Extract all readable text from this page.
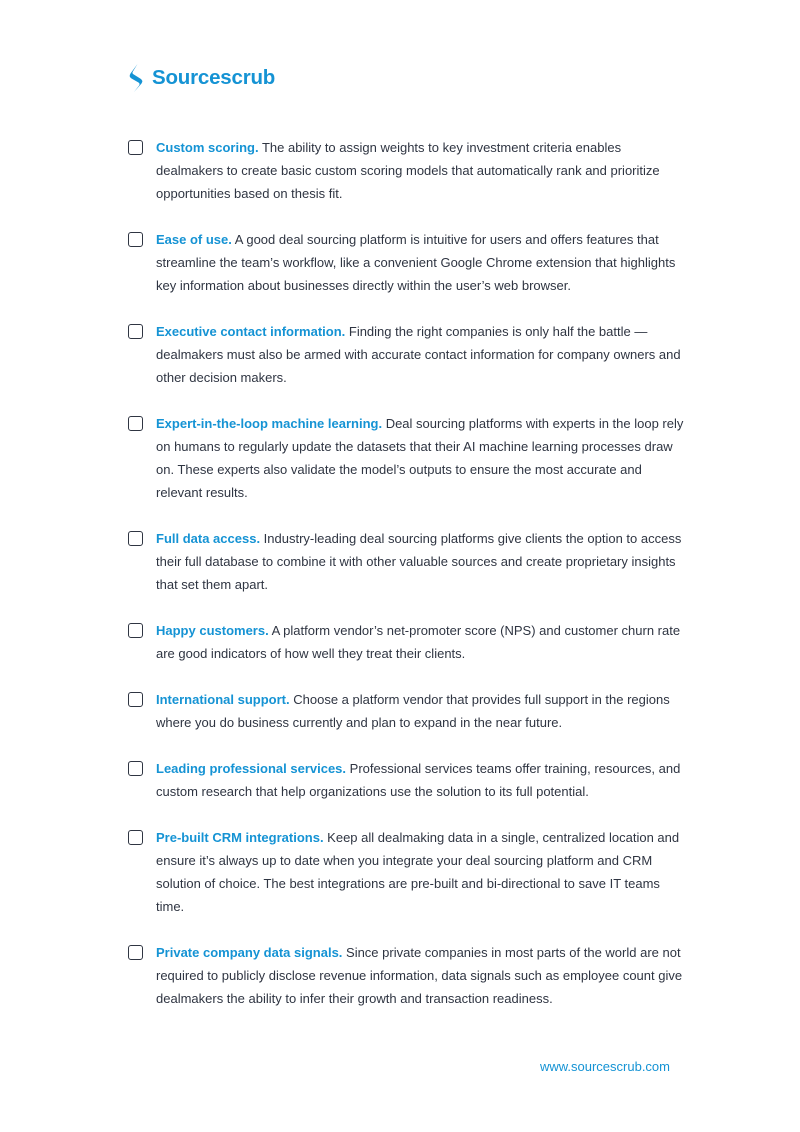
Sourcescrub
Custom scoring. The ability to assign weights to key investment criteria enables dealmakers to create basic custom scoring models that automatically rank and prioritize opportunities based on thesis fit.
Ease of use. A good deal sourcing platform is intuitive for users and offers features that streamline the team’s workflow, like a convenient Google Chrome extension that highlights key information about businesses directly within the user’s web browser.
Executive contact information. Finding the right companies is only half the battle — dealmakers must also be armed with accurate contact information for company owners and other decision makers.
Expert-in-the-loop machine learning. Deal sourcing platforms with experts in the loop rely on humans to regularly update the datasets that their AI machine learning processes draw on. These experts also validate the model’s outputs to ensure the most accurate and relevant results.
Full data access. Industry-leading deal sourcing platforms give clients the option to access their full database to combine it with other valuable sources and create proprietary insights that set them apart.
Happy customers. A platform vendor’s net-promoter score (NPS) and customer churn rate are good indicators of how well they treat their clients.
International support. Choose a platform vendor that provides full support in the regions where you do business currently and plan to expand in the near future.
Leading professional services. Professional services teams offer training, resources, and custom research that help organizations use the solution to its full potential.
Pre-built CRM integrations. Keep all dealmaking data in a single, centralized location and ensure it’s always up to date when you integrate your deal sourcing platform and CRM solution of choice. The best integrations are pre-built and bi-directional to save IT teams time.
Private company data signals. Since private companies in most parts of the world are not required to publicly disclose revenue information, data signals such as employee count give dealmakers the ability to infer their growth and transaction readiness.
www.sourcescrub.com
